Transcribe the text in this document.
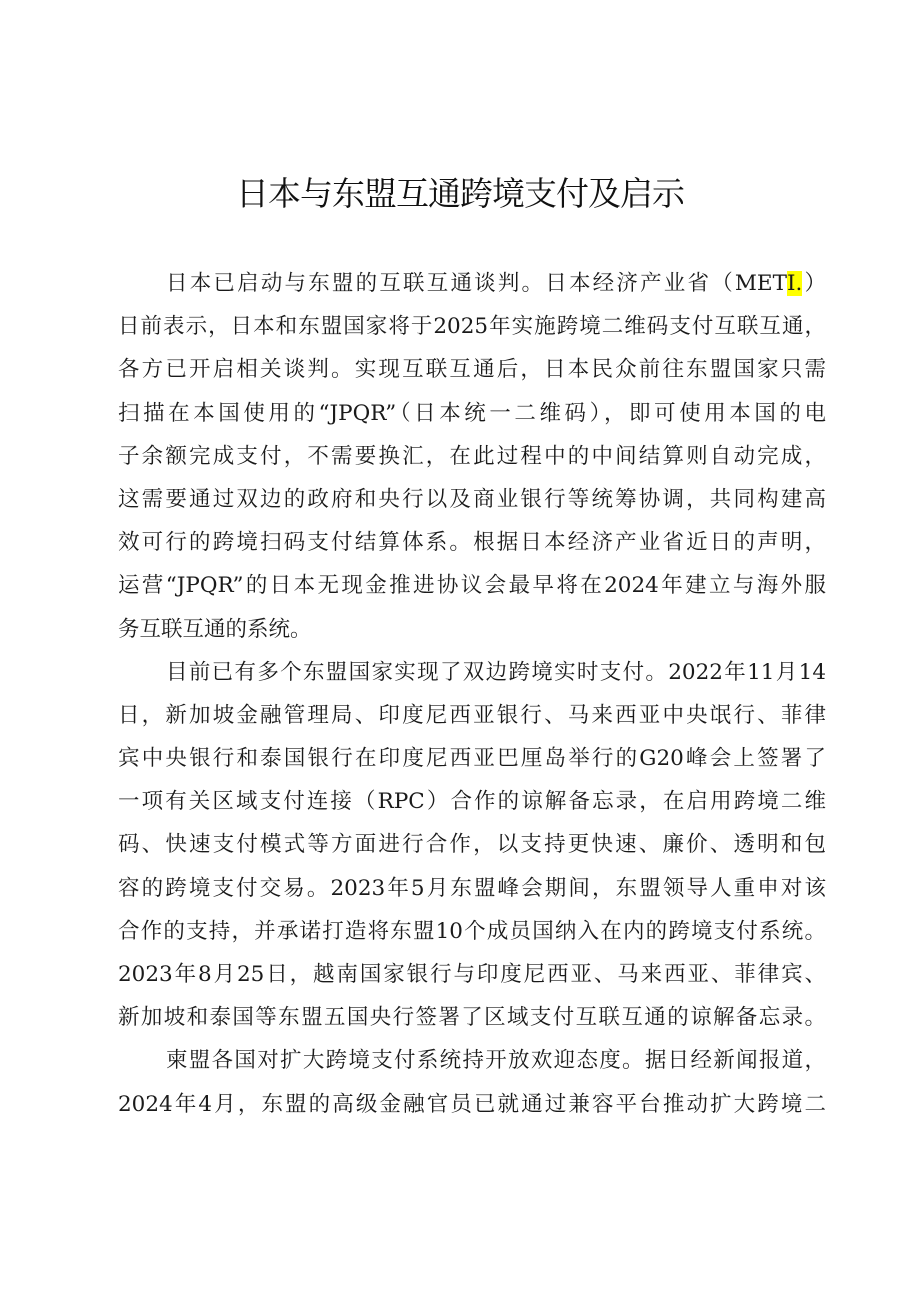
日本与东盟互通跨境支付及启示
日本已启动与东盟的互联互通谈判。日本经济产业省（METI.）
日前表示，日本和东盟国家将于2025年实施跨境二维码支付互联互通，
各方已开启相关谈判。实现互联互通后，日本民众前往东盟国家只需
扫描在本国使用的“JPQR”（日本统一二维码），即可使用本国的电
子余额完成支付，不需要换汇，在此过程中的中间结算则自动完成，
这需要通过双边的政府和央行以及商业银行等统筹协调，共同构建高
效可行的跨境扫码支付结算体系。根据日本经济产业省近日的声明，
运营“JPQR”的日本无现金推进协议会最早将在2024年建立与海外服
务互联互通的系统。
目前已有多个东盟国家实现了双边跨境实时支付。2022年11月14
日，新加坡金融管理局、印度尼西亚银行、马来西亚中央氓行、菲律
宾中央银行和泰国银行在印度尼西亚巴厘岛举行的G20峰会上签署了
一项有关区域支付连接（RPC）合作的谅解备忘录，在启用跨境二维
码、快速支付模式等方面进行合作，以支持更快速、廉价、透明和包
容的跨境支付交易。2023年5月东盟峰会期间，东盟领导人重申对该
合作的支持，并承诺打造将东盟10个成员国纳入在内的跨境支付系统。
2023年8月25日，越南国家银行与印度尼西亚、马来西亚、菲律宾、
新加坡和泰国等东盟五国央行签署了区域支付互联互通的谅解备忘录。
柬盟各国对扩大跨境支付系统持开放欢迎态度。据日经新闻报道，
2024年4月，东盟的高级金融官员已就通过兼容平台推动扩大跨境二
